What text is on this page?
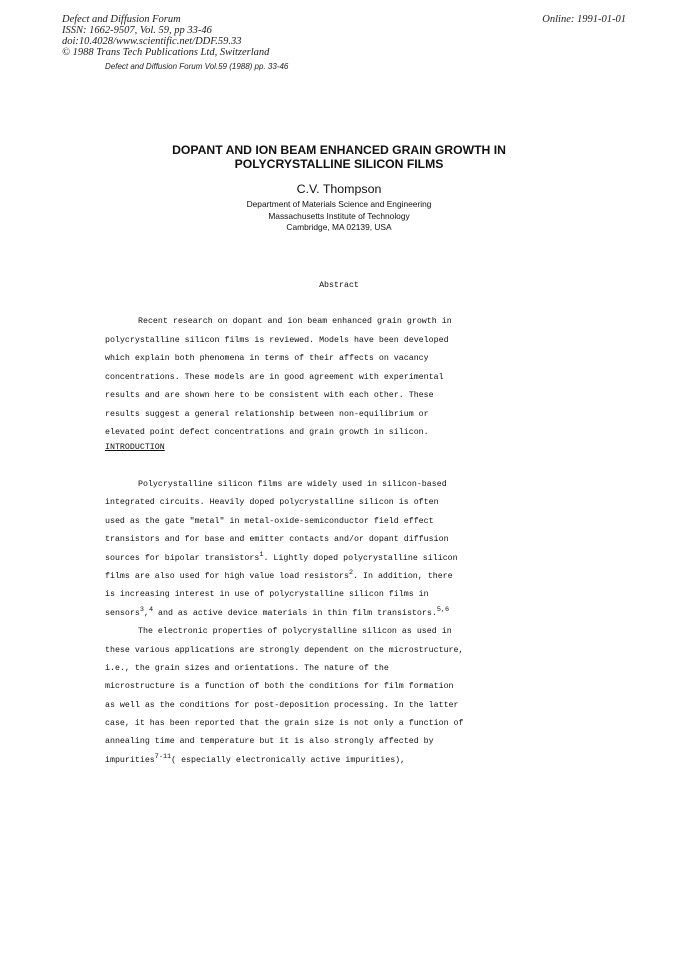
Defect and Diffusion Forum
ISSN: 1662-9507, Vol. 59, pp 33-46
doi:10.4028/www.scientific.net/DDF.59.33
© 1988 Trans Tech Publications Ltd, Switzerland
Online: 1991-01-01
Defect and Diffusion Forum Vol.59 (1988) pp. 33-46
DOPANT AND ION BEAM ENHANCED GRAIN GROWTH IN
POLYCRYSTALLINE SILICON FILMS
C.V. Thompson
Department of Materials Science and Engineering
Massachusetts Institute of Technology
Cambridge, MA 02139, USA
Abstract
Recent research on dopant and ion beam enhanced grain growth in
polycrystalline silicon films is reviewed. Models have been developed
which explain both phenomena in terms of their affects on vacancy
concentrations. These models are in good agreement with experimental
results and are shown here to be consistent with each other. These
results suggest a general relationship between non-equilibrium or
elevated point defect concentrations and grain growth in silicon.
INTRODUCTION
Polycrystalline silicon films are widely used in silicon-based
integrated circuits. Heavily doped polycrystalline silicon is often
used as the gate "metal" in metal-oxide-semiconductor field effect
transistors and for base and emitter contacts and/or dopant diffusion
sources for bipolar transistors$^1$. Lightly doped polycrystalline silicon
films are also used for high value load resistors$^2$. In addition, there
is increasing interest in use of polycrystalline silicon films in
sensors$^3$,$^4$ and as active device materials in thin film transistors.$^{5,6}$
The electronic properties of polycrystalline silicon as used in
these various applications are strongly dependent on the microstructure,
i.e., the grain sizes and orientations. The nature of the
microstructure is a function of both the conditions for film formation
as well as the conditions for post-deposition processing. In the latter
case, it has been reported that the grain size is not only a function of
annealing time and temperature but it is also strongly affected by
impurities$^{7-11}$( especially electronically active impurities),
